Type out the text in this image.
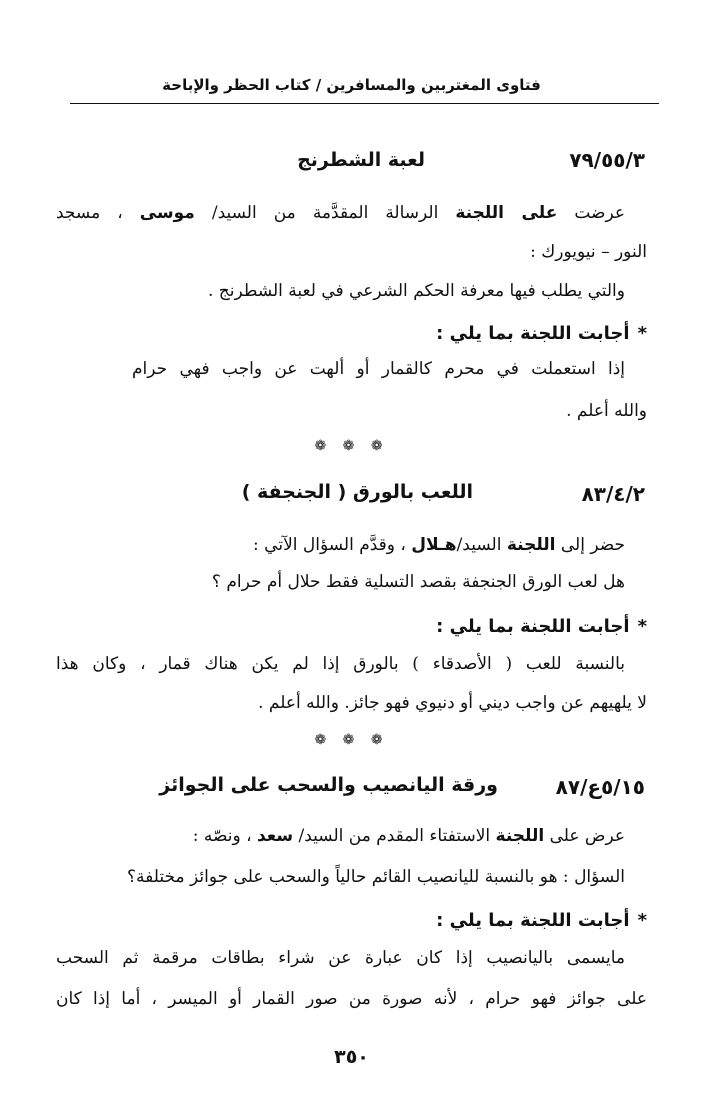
فتاوى المغتربين والمسافرين / كتاب الحظر والإباحة
٧٩/٥٥/٣
لعبة الشطرنج
عرضت على اللجنة الرسالة المقدَّمة من السيد/ موسى ، مسجد
النور – نيويورك :
والتي يطلب فيها معرفة الحكم الشرعي في لعبة الشطرنج .
*أجابت اللجنة بما يلي :
إذا استعملت في محرم كالقمار أو ألهت عن واجب فهي حرام
والله أعلم .
❁ ❁ ❁
٨٣/٤/٢
اللعب بالورق ( الجنجفة )
حضر إلى اللجنة السيد/هـلال ، وقدَّم السؤال الآتي :
هل لعب الورق الجنجفة بقصد التسلية فقط حلال أم حرام ؟
*أجابت اللجنة بما يلي :
بالنسبة للعب ( الأصدقاء ) بالورق إذا لم يكن هناك قمار ، وكان هذا
لا يلهيهم عن واجب ديني أو دنيوي فهو جائز. والله أعلم .
❁ ❁ ❁
٥/١٥ع/٨٧
ورقة اليانصيب والسحب على الجوائز
عرض على اللجنة الاستفتاء المقدم من السيد/ سعد ، ونصّه :
السؤال : هو بالنسبة لليانصيب القائم حالياً والسحب على جوائز مختلفة؟
*أجابت اللجنة بما يلي :
مايسمى باليانصيب إذا كان عبارة عن شراء بطاقات مرقمة ثم السحب
على جوائز فهو حرام ، لأنه صورة من صور القمار أو الميسر ، أما إذا كان
٣٥٠
